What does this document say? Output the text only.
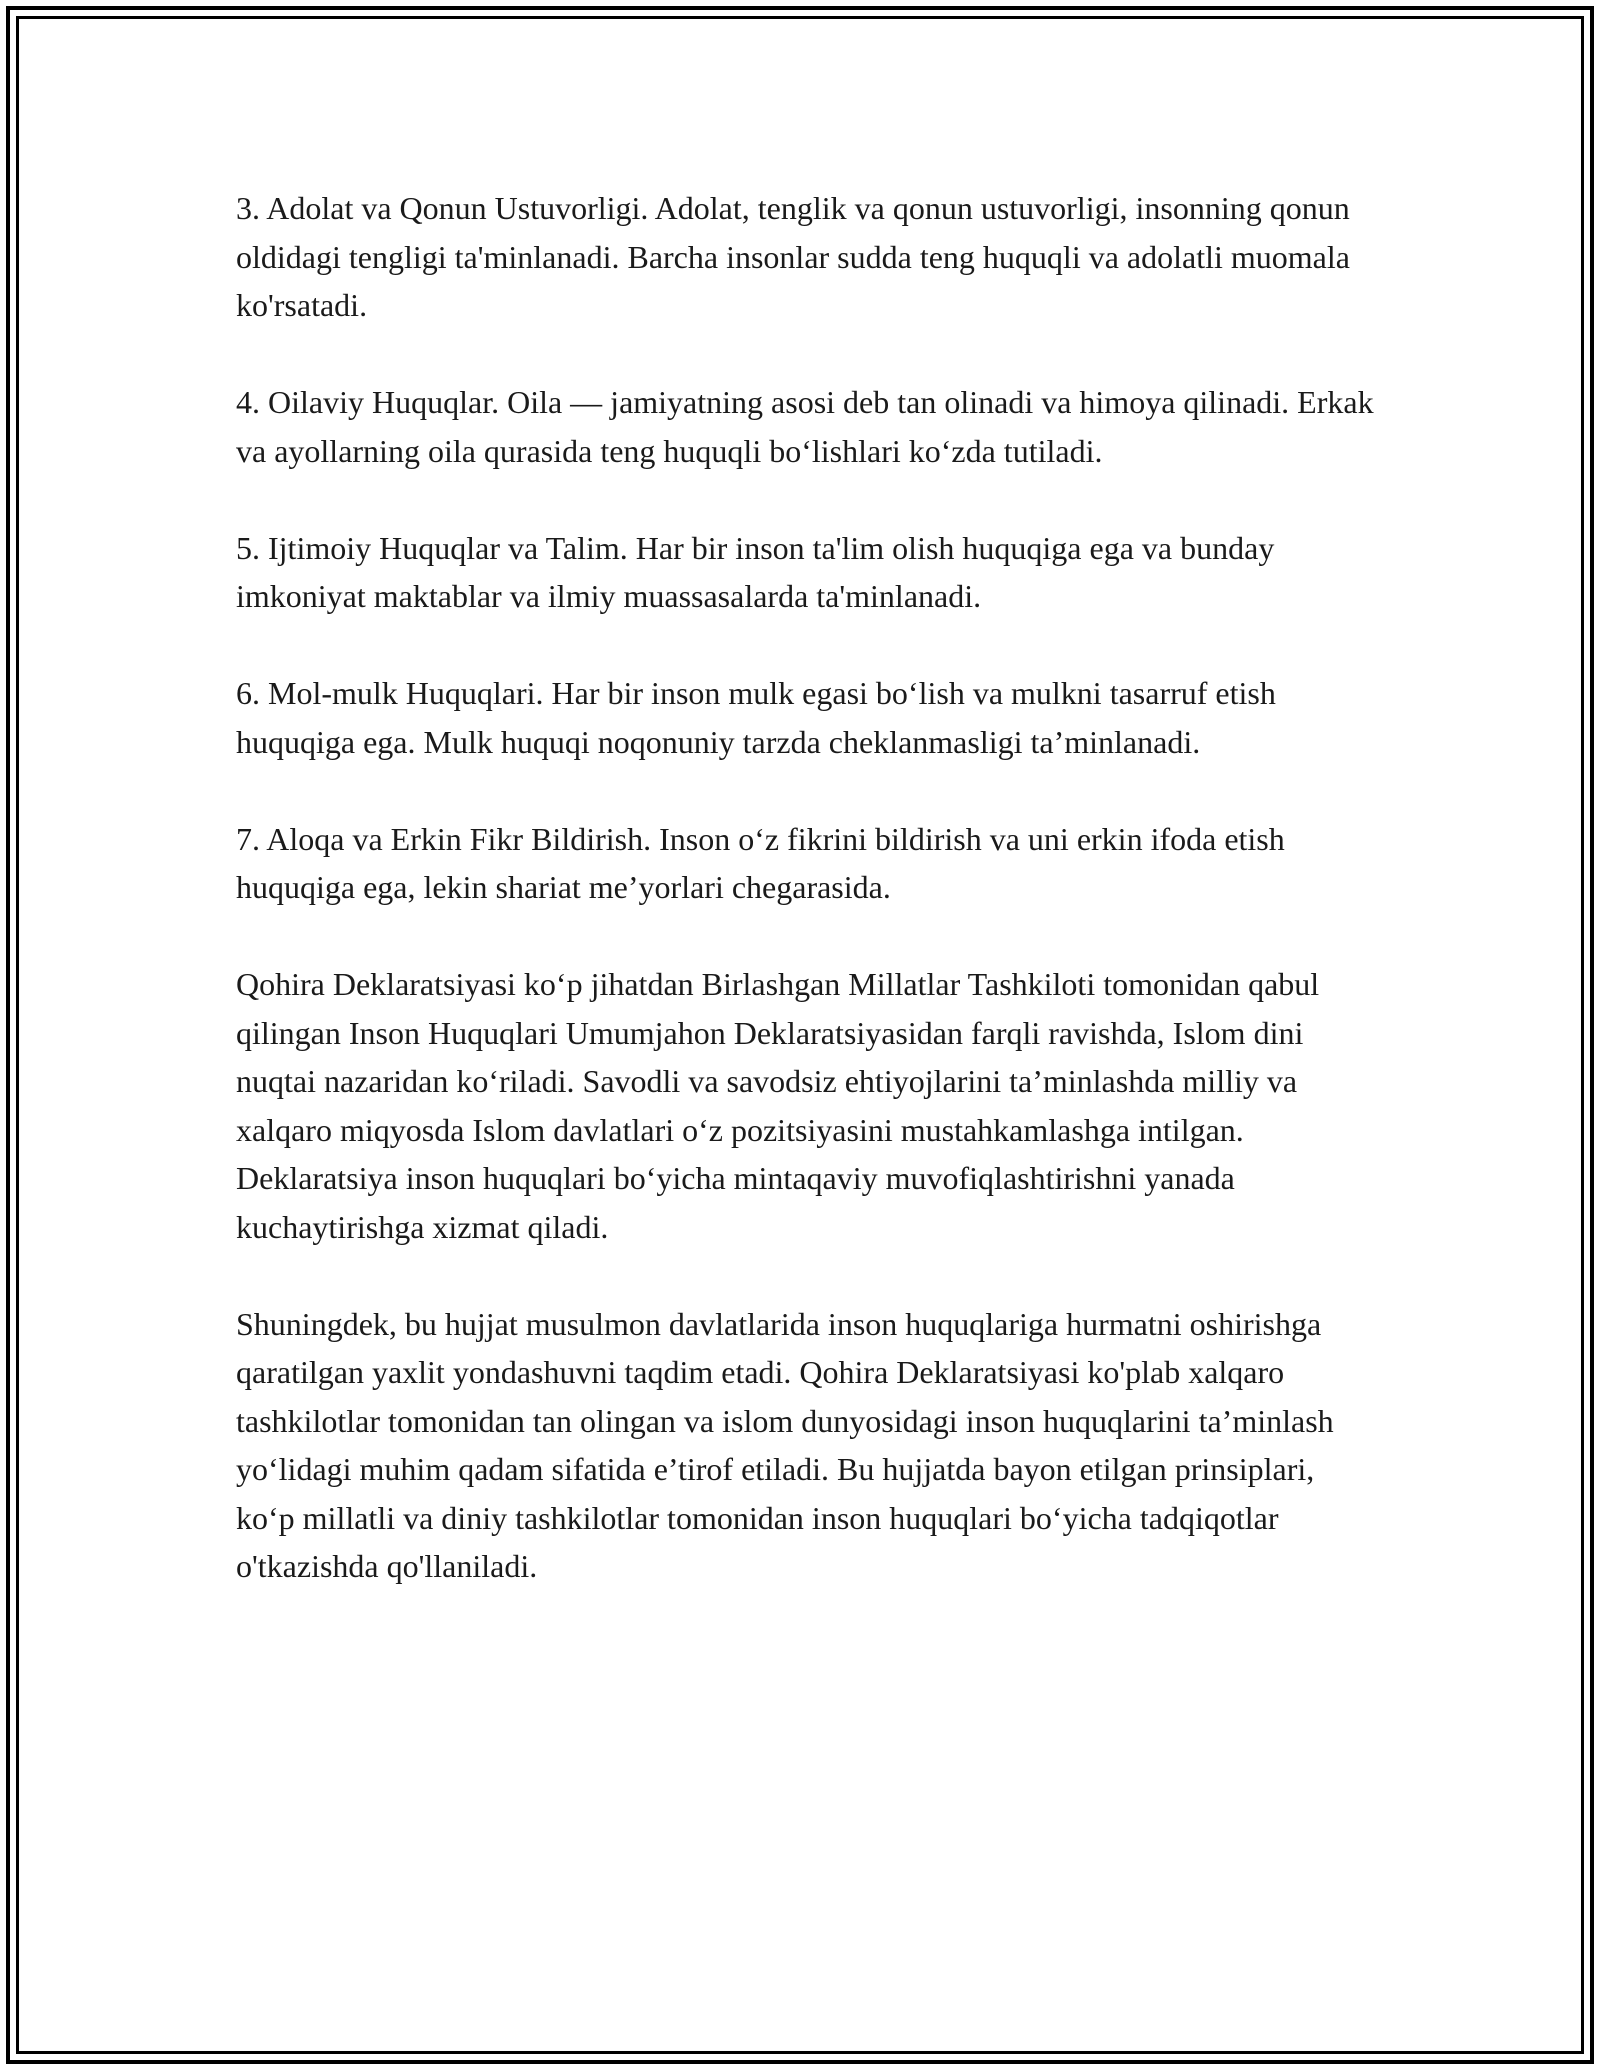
3. Adolat va Qonun Ustuvorligi. Adolat, tenglik va qonun ustuvorligi, insonning qonun oldidagi tengligi ta'minlanadi. Barcha insonlar sudda teng huquqli va adolatli muomala ko'rsatadi.

4. Oilaviy Huquqlar. Oila — jamiyatning asosi deb tan olinadi va himoya qilinadi. Erkak va ayollarning oila qurasida teng huquqli bo‘lishlari ko‘zda tutiladi.

5. Ijtimoiy Huquqlar va Talim. Har bir inson ta'lim olish huquqiga ega va bunday imkoniyat maktablar va ilmiy muassasalarda ta'minlanadi.

6. Mol-mulk Huquqlari. Har bir inson mulk egasi bo‘lish va mulkni tasarruf etish huquqiga ega. Mulk huquqi noqonuniy tarzda cheklanmasligi ta’minlanadi.

7. Aloqa va Erkin Fikr Bildirish. Inson o‘z fikrini bildirish va uni erkin ifoda etish huquqiga ega, lekin shariat me’yorlari chegarasida.

Qohira Deklaratsiyasi ko‘p jihatdan Birlashgan Millatlar Tashkiloti tomonidan qabul qilingan Inson Huquqlari Umumjahon Deklaratsiyasidan farqli ravishda, Islom dini nuqtai nazaridan ko‘riladi. Savodli va savodsiz ehtiyojlarini ta’minlashda milliy va xalqaro miqyosda Islom davlatlari o‘z pozitsiyasini mustahkamlashga intilgan. Deklaratsiya inson huquqlari bo‘yicha mintaqaviy muvofiqlashtirishni yanada kuchaytirishga xizmat qiladi.

Shuningdek, bu hujjat musulmon davlatlarida inson huquqlariga hurmatni oshirishga qaratilgan yaxlit yondashuvni taqdim etadi. Qohira Deklaratsiyasi ko'plab xalqaro tashkilotlar tomonidan tan olingan va islom dunyosidagi inson huquqlarini ta’minlash yo‘lidagi muhim qadam sifatida e’tirof etiladi. Bu hujjatda bayon etilgan prinsiplari, ko‘p millatli va diniy tashkilotlar tomonidan inson huquqlari bo‘yicha tadqiqotlar o'tkazishda qo'llaniladi.
